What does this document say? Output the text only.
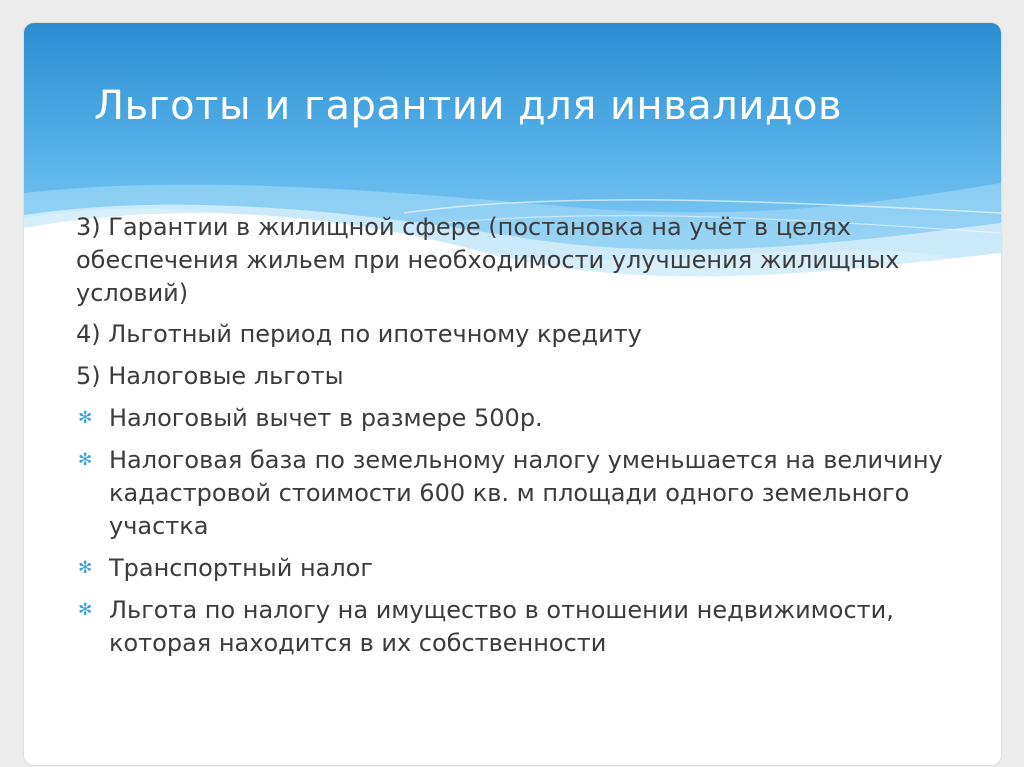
Льготы и гарантии для инвалидов

3) Гарантии в жилищной сфере (постановка на учёт в целях обеспечения жильем при необходимости улучшения жилищных условий)

4) Льготный период по ипотечному кредиту

5) Налоговые льготы

✻ Налоговый вычет в размере 500р.
✻ Налоговая база по земельному налогу уменьшается на величину кадастровой стоимости 600 кв. м площади одного земельного участка
✻ Транспортный налог
✻ Льгота по налогу на имущество в отношении недвижимости, которая находится в их собственности
